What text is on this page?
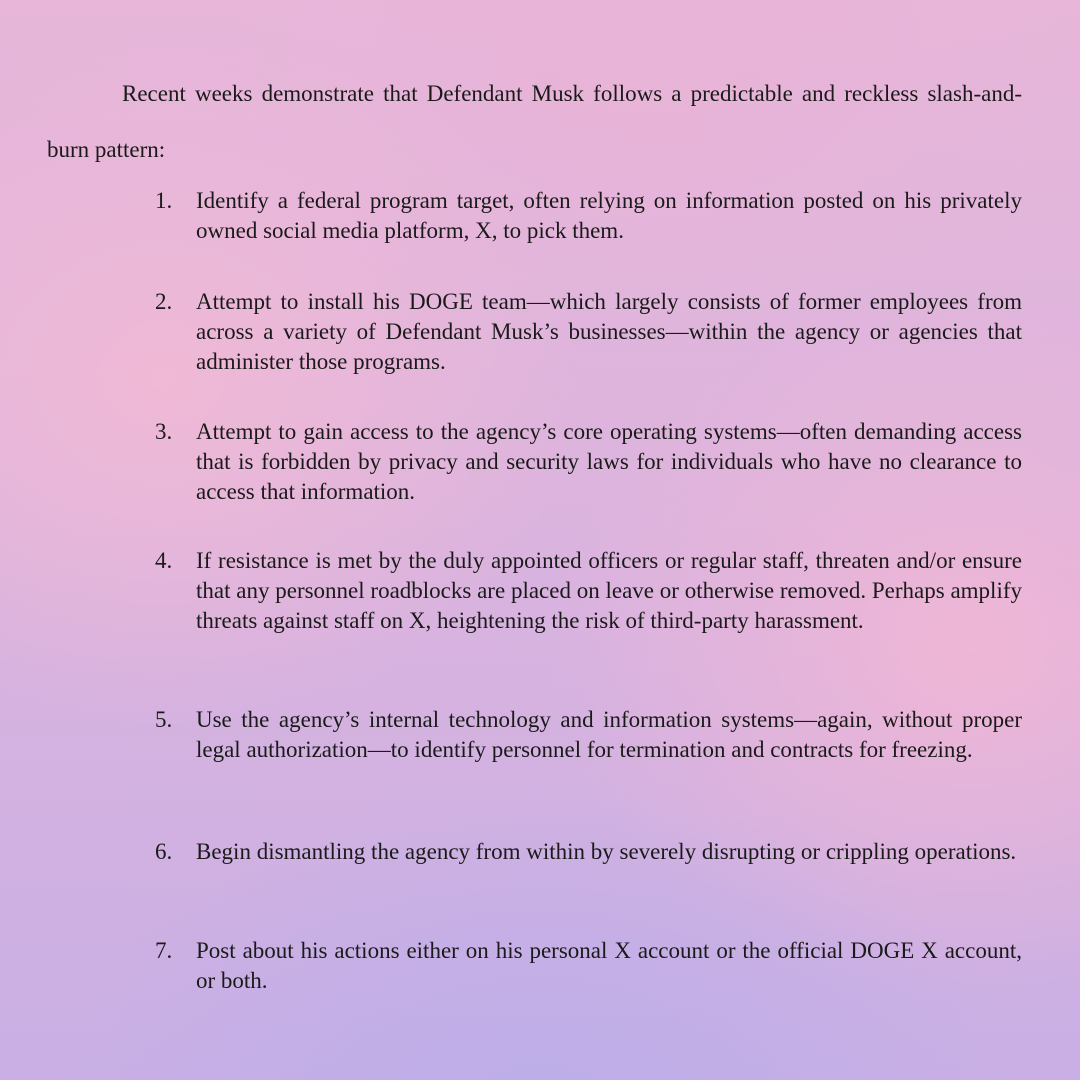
Recent weeks demonstrate that Defendant Musk follows a predictable and reckless slash-and-burn pattern:

1.	Identify a federal program target, often relying on information posted on his privately owned social media platform, X, to pick them.
2.	Attempt to install his DOGE team—which largely consists of former employees from across a variety of Defendant Musk’s businesses—within the agency or agencies that administer those programs.
3.	Attempt to gain access to the agency’s core operating systems—often demanding access that is forbidden by privacy and security laws for individuals who have no clearance to access that information.
4.	If resistance is met by the duly appointed officers or regular staff, threaten and/or ensure that any personnel roadblocks are placed on leave or otherwise removed. Perhaps amplify threats against staff on X, heightening the risk of third-party harassment.
5.	Use the agency’s internal technology and information systems—again, without proper legal authorization—to identify personnel for termination and contracts for freezing.
6.	Begin dismantling the agency from within by severely disrupting or crippling operations.
7.	Post about his actions either on his personal X account or the official DOGE X account, or both.
